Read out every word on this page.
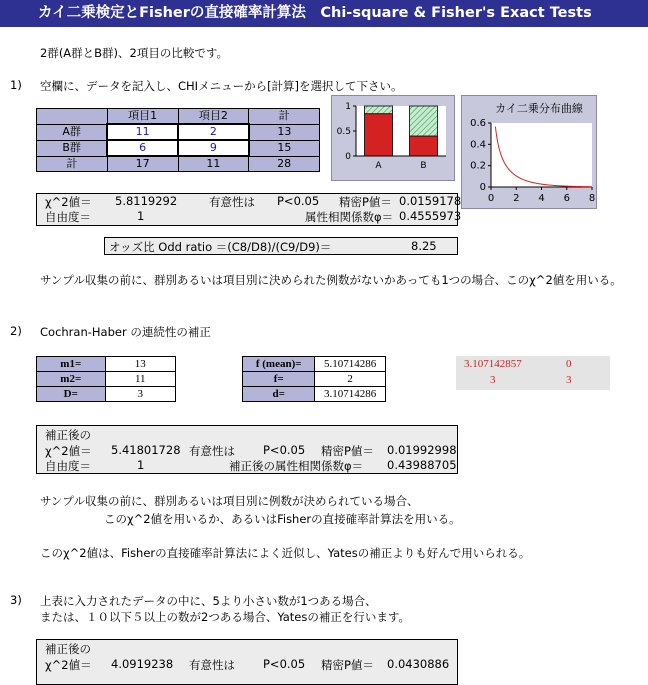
カイ二乗検定とFisherの直接確率計算法　Chi-square & Fisher's Exact Tests
2群(A群とB群)、2項目の比較です。
1) 空欄に、データを記入し、CHIメニューから[計算]を選択して下さい。
	項目1	項目2	計
A群	11	2	13
B群	6	9	15
計	17	11	28	A	B
0
0.5
1	カイ二乗分布曲線
0 2 4 6 8
0
0.2
0.4
0.6
χ^2値＝ 5.8119292	有意性は P<0.05 精密P値＝ 0.0159178
自由度＝	1	属性相関係数φ＝ 0.4555973
オッズ比 Odd ratio ＝(C8/D8)/(C9/D9)＝	8.25
サンプル収集の前に、群別あるいは項目別に決められた例数がないかあっても1つの場合、このχ^2値を用いる。
2) Cochran-Haber の連続性の補正
m1=	13
m2=	11
D=	3
f (mean)=	5.10714286
f=	2
d=	3.10714286
3.107142857	0
3	3
補正後の
χ^2値＝ 5.41801728 有意性は P<0.05 精密P値＝ 0.01992998
自由度＝	1	補正後の属性相関係数φ＝ 0.43988705
サンプル収集の前に、群別あるいは項目別に例数が決められている場合、
このχ^2値を用いるか、あるいはFisherの直接確率計算法を用いる。
このχ^2値は、Fisherの直接確率計算法によく近似し、Yatesの補正よりも好んで用いられる。
3) 上表に入力されたデータの中に、5より小さい数が1つある場合、
または、１０以下５以上の数が2つある場合、Yatesの補正を行います。
補正後の
χ^2値＝ 4.0919238 有意性は P<0.05 精密P値＝ 0.0430886
